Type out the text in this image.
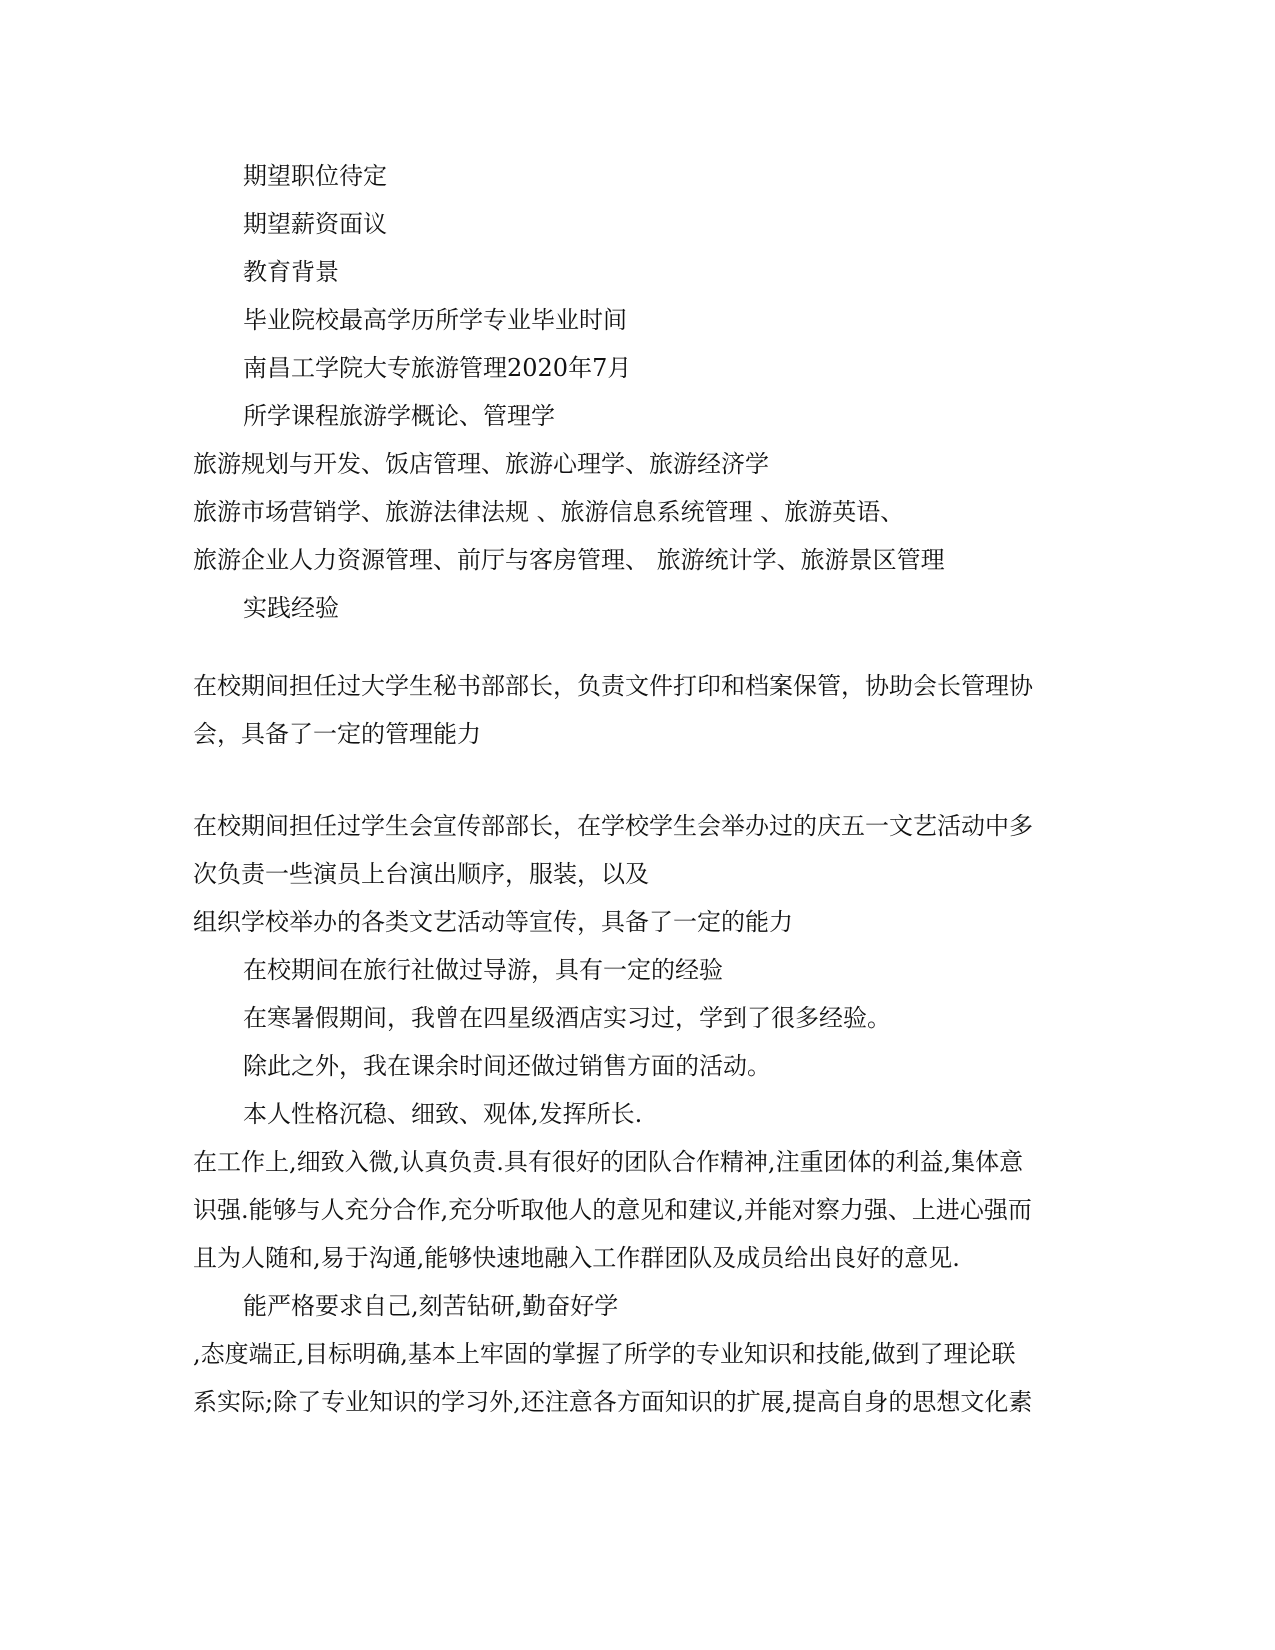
期望职位待定
期望薪资面议
教育背景
毕业院校最高学历所学专业毕业时间
南昌工学院大专旅游管理2020年7月
所学课程旅游学概论、管理学
旅游规划与开发、饭店管理、旅游心理学、旅游经济学
旅游市场营销学、旅游法律法规 、旅游信息系统管理 、旅游英语、
旅游企业人力资源管理、前厅与客房管理、 旅游统计学、旅游景区管理
实践经验
在校期间担任过大学生秘书部部长，负责文件打印和档案保管，协助会长管理协
会，具备了一定的管理能力
在校期间担任过学生会宣传部部长，在学校学生会举办过的庆五一文艺活动中多
次负责一些演员上台演出顺序，服装，以及
组织学校举办的各类文艺活动等宣传，具备了一定的能力
在校期间在旅行社做过导游，具有一定的经验
在寒暑假期间，我曾在四星级酒店实习过，学到了很多经验。
除此之外，我在课余时间还做过销售方面的活动。
本人性格沉稳、细致、观体,发挥所长.
在工作上,细致入微,认真负责.具有很好的团队合作精神,注重团体的利益,集体意
识强.能够与人充分合作,充分听取他人的意见和建议,并能对察力强、上进心强而
且为人随和,易于沟通,能够快速地融入工作群团队及成员给出良好的意见.
能严格要求自己,刻苦钻研,勤奋好学
,态度端正,目标明确,基本上牢固的掌握了所学的专业知识和技能,做到了理论联
系实际;除了专业知识的学习外,还注意各方面知识的扩展,提高自身的思想文化素
